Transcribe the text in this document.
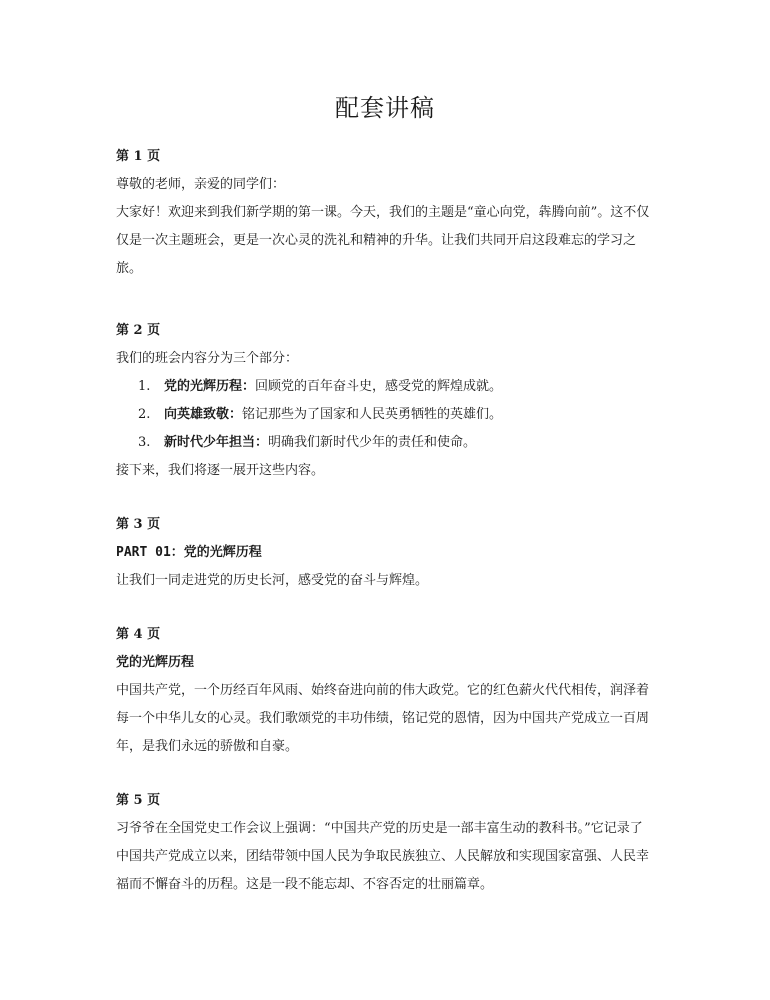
配套讲稿

第 1 页

尊敬的老师，亲爱的同学们：

大家好！欢迎来到我们新学期的第一课。今天，我们的主题是“童心向党，犇腾向前”。这不仅仅是一次主题班会，更是一次心灵的洗礼和精神的升华。让我们共同开启这段难忘的学习之旅。

第 2 页

我们的班会内容分为三个部分：

1. 党的光辉历程：回顾党的百年奋斗史，感受党的辉煌成就。
2. 向英雄致敬：铭记那些为了国家和人民英勇牺牲的英雄们。
3. 新时代少年担当：明确我们新时代少年的责任和使命。

接下来，我们将逐一展开这些内容。

第 3 页

PART 01：党的光辉历程

让我们一同走进党的历史长河，感受党的奋斗与辉煌。

第 4 页

党的光辉历程

中国共产党，一个历经百年风雨、始终奋进向前的伟大政党。它的红色薪火代代相传，润泽着每一个中华儿女的心灵。我们歌颂党的丰功伟绩，铭记党的恩情，因为中国共产党成立一百周年，是我们永远的骄傲和自豪。

第 5 页

习爷爷在全国党史工作会议上强调：“中国共产党的历史是一部丰富生动的教科书。”它记录了中国共产党成立以来，团结带领中国人民为争取民族独立、人民解放和实现国家富强、人民幸福而不懈奋斗的历程。这是一段不能忘却、不容否定的壮丽篇章。
